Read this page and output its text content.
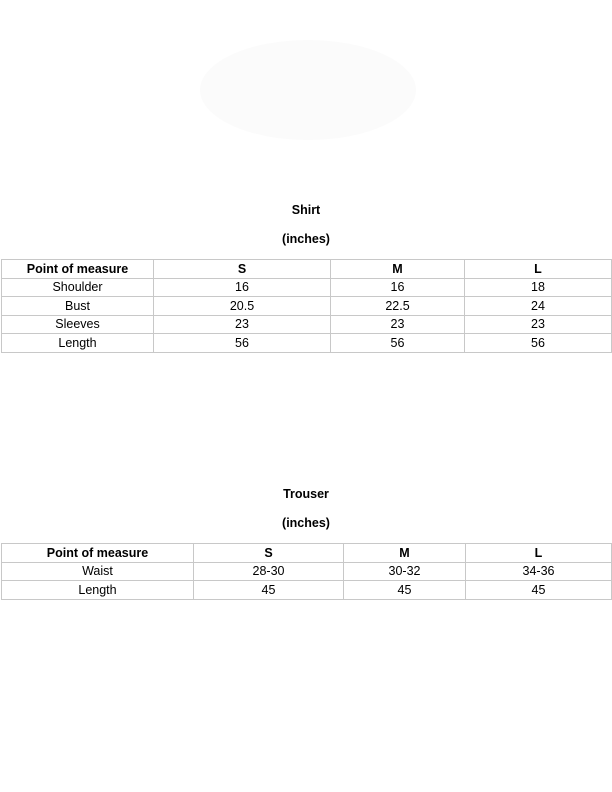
Shirt
(inches)
Point of measure	S	M	L
Shoulder	16	16	18
Bust	20.5	22.5	24
Sleeves	23	23	23
Length	56	56	56
Trouser
(inches)
Point of measure	S	M	L
Waist	28-30	30-32	34-36
Length	45	45	45
